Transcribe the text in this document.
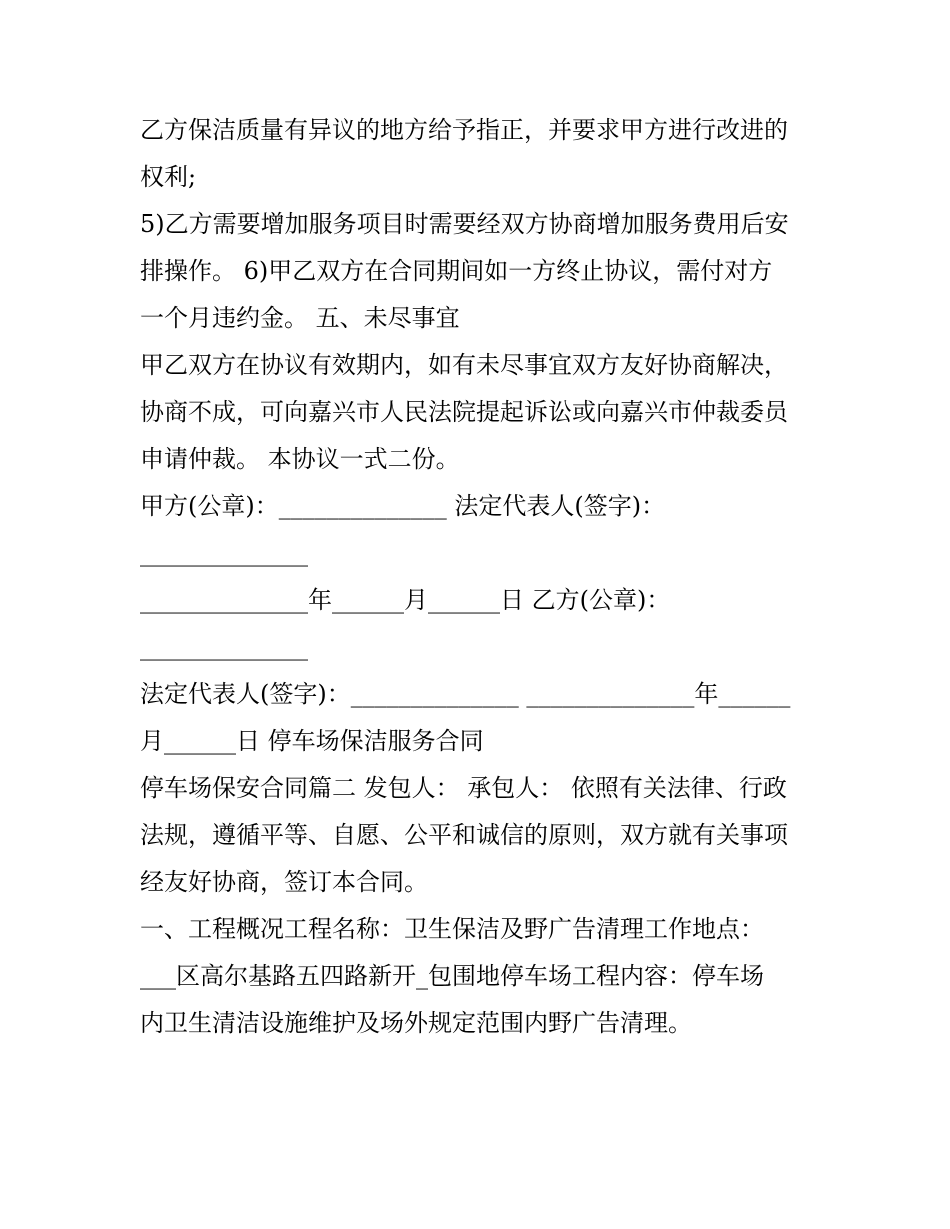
乙方保洁质量有异议的地方给予指正，并要求甲方进行改进的
权利;
5)乙方需要增加服务项目时需要经双方协商增加服务费用后安
排操作。 6)甲乙双方在合同期间如一方终止协议，需付对方
一个月违约金。 五、未尽事宜
甲乙双方在协议有效期内，如有未尽事宜双方友好协商解决，
协商不成，可向嘉兴市人民法院提起诉讼或向嘉兴市仲裁委员
申请仲裁。 本协议一式二份。
甲方(公章)：______________ 法定代表人(签字)：
______________
______________年______月______日 乙方(公章)：
______________
法定代表人(签字)：______________ ______________年______
月______日 停车场保洁服务合同
停车场保安合同篇二 发包人： 承包人： 依照有关法律、行政
法规，遵循平等、自愿、公平和诚信的原则，双方就有关事项
经友好协商，签订本合同。
一、工程概况工程名称：卫生保洁及野广告清理工作地点：
___区高尔基路五四路新开_包围地停车场工程内容：停车场
内卫生清洁设施维护及场外规定范围内野广告清理。
